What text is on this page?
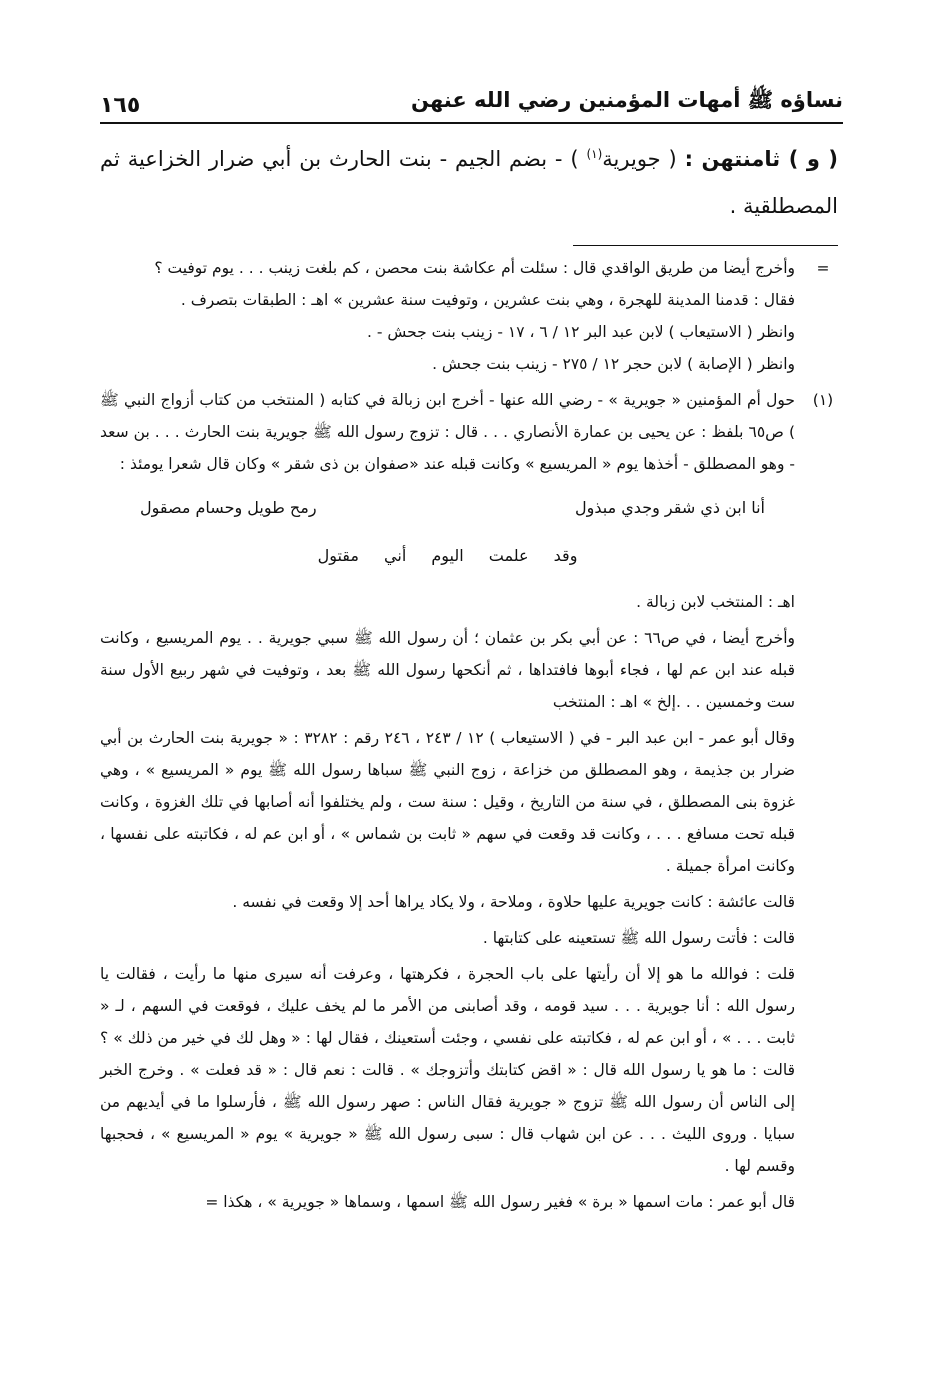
١٦٥	نساؤه ﷺ أمهات المؤمنين رضي الله عنهن
( و ) ثامنتهن : ( جويرية$^{(١)}$ ) - بضم الجيم - بنت الحارث بن أبي ضرار الخزاعية ثم المصطلقية .
=
وأخرج أيضا من طريق الواقدي قال : سئلت أم عكاشة بنت محصن ، كم بلغت زينب . . . يوم توفيت ؟
فقال : قدمنا المدينة للهجرة ، وهي بنت عشرين ، وتوفيت سنة عشرين » اهـ : الطبقات بتصرف .
وانظر ( الاستيعاب ) لابن عبد البر ١٢ / ٦ ، ١٧ - زينب بنت جحش - .
وانظر ( الإصابة ) لابن حجر ١٢ / ٢٧٥ - زينب بنت جحش .
(١)
حول أم المؤمنين « جويرية » - رضي الله عنها - أخرج ابن زبالة في كتابه ( المنتخب من كتاب أزواج النبي ﷺ ) ص٦٥ بلفظ : عن يحيى بن عمارة الأنصاري . . . قال : تزوج رسول الله ﷺ جويرية بنت الحارث . . . بن سعد - وهو المصطلق - أخذها يوم « المريسيع » وكانت قبله عند «صفوان بن ذى شقر » وكان قال شعرا يومئذ :
أنا ابن ذي شقر وجدي مبذول
رمح طويل وحسام مصقول
وقد علمت اليوم أني مقتول
اهـ : المنتخب لابن زبالة .
وأخرج أيضا ، في ص٦٦ : عن أبي بكر بن عثمان ؛ أن رسول الله ﷺ سبي جويرية . . يوم المريسيع ، وكانت قبله عند ابن عم لها ، فجاء أبوها فافتداها ، ثم أنكحها رسول الله ﷺ بعد ، وتوفيت في شهر ربيع الأول سنة ست وخمسين . . .إلخ » اهـ : المنتخب
وقال أبو عمر - ابن عبد البر - في ( الاستيعاب ) ١٢ / ٢٤٣ ، ٢٤٦ رقم : ٣٢٨٢ : « جويرية بنت الحارث بن أبي ضرار بن جذيمة ، وهو المصطلق من خزاعة ، زوج النبي ﷺ سباها رسول الله ﷺ يوم « المريسيع » ، وهي غزوة بنى المصطلق ، في سنة من التاريخ ، وقيل : سنة ست ، ولم يختلفوا أنه أصابها في تلك الغزوة ، وكانت قبله تحت مسافع . . . ، وكانت قد وقعت في سهم « ثابت بن شماس » ، أو ابن عم له ، فكاتبته على نفسها ، وكانت امرأة جميلة .
قالت عائشة : كانت جويرية عليها حلاوة ، وملاحة ، ولا يكاد يراها أحد إلا وقعت في نفسه .
قالت : فأتت رسول الله ﷺ تستعينه على كتابتها .
قلت : فوالله ما هو إلا أن رأيتها على باب الحجرة ، فكرهتها ، وعرفت أنه سيرى منها ما رأيت ، فقالت يا رسول الله : أنا جويرية . . . سيد قومه ، وقد أصابنى من الأمر ما لم يخف عليك ، فوقعت في السهم ، لـ « ثابت . . . » ، أو ابن عم له ، فكاتبته على نفسي ، وجئت أستعينك ، فقال لها : « وهل لك في خير من ذلك » ؟ قالت : ما هو يا رسول الله قال : « اقض كتابتك وأتزوجك » . قالت : نعم قال : « قد فعلت » . وخرج الخبر إلى الناس أن رسول الله ﷺ تزوج « جويرية فقال الناس : صهر رسول الله ﷺ ، فأرسلوا ما في أيديهم من سبايا . وروى الليث . . . عن ابن شهاب قال : سبى رسول الله ﷺ « جويرية » يوم « المريسيع » ، فحجبها وقسم لها .
قال أبو عمر : مات اسمها « برة » فغير رسول الله ﷺ اسمها ، وسماها « جويرية » ، هكذا =
